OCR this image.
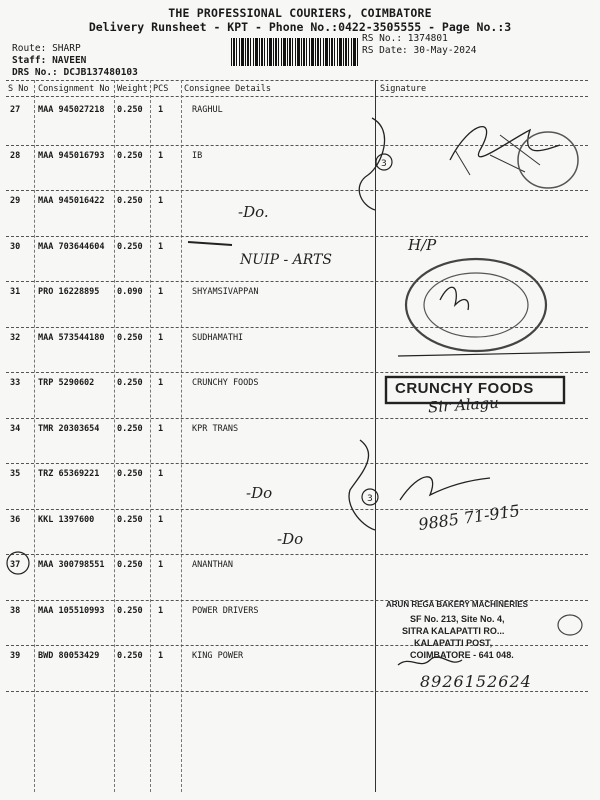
THE PROFESSIONAL COURIERS, COIMBATORE
Delivery Runsheet - KPT - Phone No.:0422-3505555 - Page No.:3
Route: SHARP
Staff: NAVEEN
DRS No.: DCJB137480103
RS No.: 1374801
RS Date: 30-May-2024
S No Consignment No Weight PCS Consignee Details	Signature
27 MAA 945027218 0.250 1	RAGHUL
28 MAA 945016793 0.250 1	IB
29 MAA 945016422 0.250 1
30 MAA 703644604 0.250 1
31 PRO 16228895 0.090 1	SHYAMSIVAPPAN
32 MAA 573544180 0.250 1	SUDHAMATHI
33 TRP 5290602	0.250 1	CRUNCHY FOODS
34 TMR 20303654 0.250 1	KPR TRANS
35 TRZ 65369221 0.250 1
36 KKL 1397600	0.250 1
37 MAA 300798551 0.250 1	ANANTHAN
38 MAA 105510993 0.250 1	POWER DRIVERS
39 BWD 80053429 0.250 1	KING POWER
3
3
-Do.
NUIP - ARTS
H/P
CRUNCHY FOODS
Sir Alagu
-Do
-Do
9885 71-915
ARUN REGA BAKERY MACHINERIES
SF No. 213, Site No. 4,
SITRA KALAPATTI RO...
KALAPATTI POST,
COIMBATORE - 641 048.
8926152624
